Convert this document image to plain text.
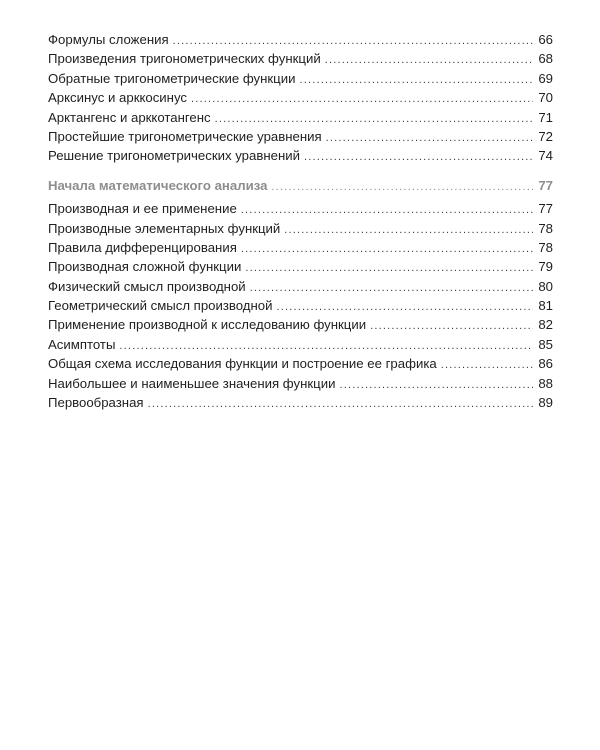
Формулы сложения .....	66
Произведения тригонометрических функций .....	68
Обратные тригонометрические функции .....	69
Арксинус и арккосинус .....	70
Арктангенс и арккотангенс .....	71
Простейшие тригонометрические уравнения .....	72
Решение тригонометрических уравнений .....	74
Начала математического анализа .....	77
Производная и ее применение .....	77
Производные элементарных функций .....	78
Правила дифференцирования .....	78
Производная сложной функции .....	79
Физический смысл производной .....	80
Геометрический смысл производной .....	81
Применение производной к исследованию функции .....	82
Асимптоты .....	85
Общая схема исследования функции и построение ее графика .....	86
Наибольшее и наименьшее значения функции .....	88
Первообразная .....	89
